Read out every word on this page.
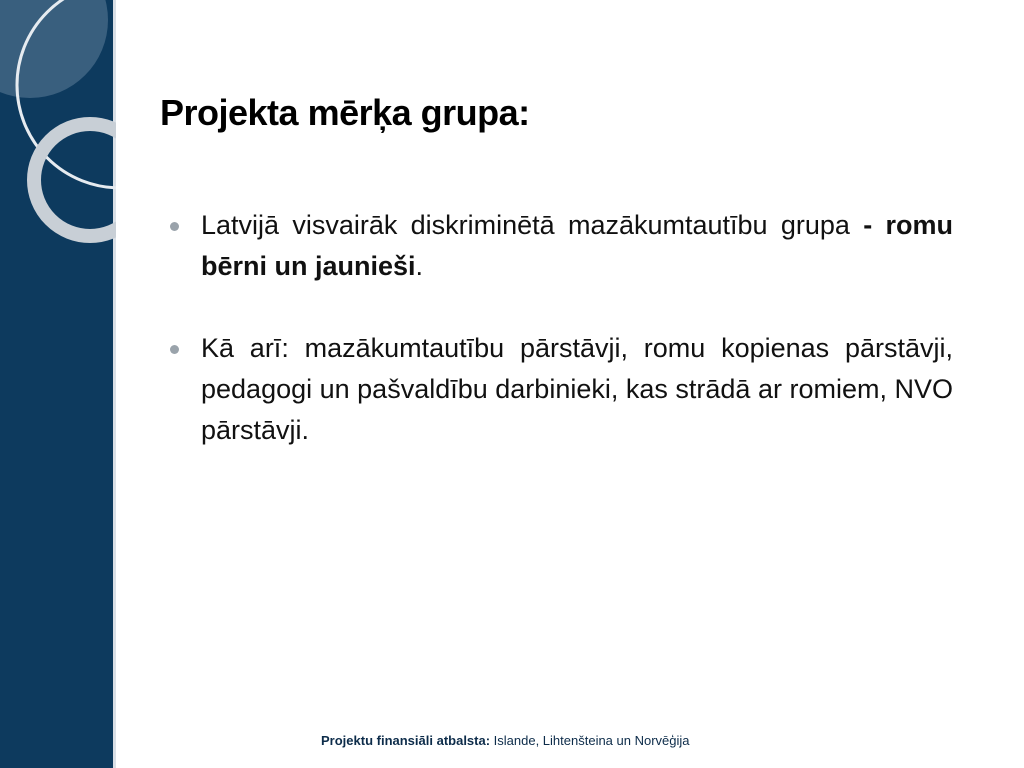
Projekta mērķa grupa:
Latvijā visvairāk diskriminētā mazākumtautību grupa - romu bērni un jaunieši.
Kā arī: mazākumtautību pārstāvji, romu kopienas pārstāvji, pedagogi un pašvaldību darbinieki, kas strādā ar romiem, NVO pārstāvji.
Projektu finansiāli atbalsta: Islande, Lihtenšteina un Norvēģija
